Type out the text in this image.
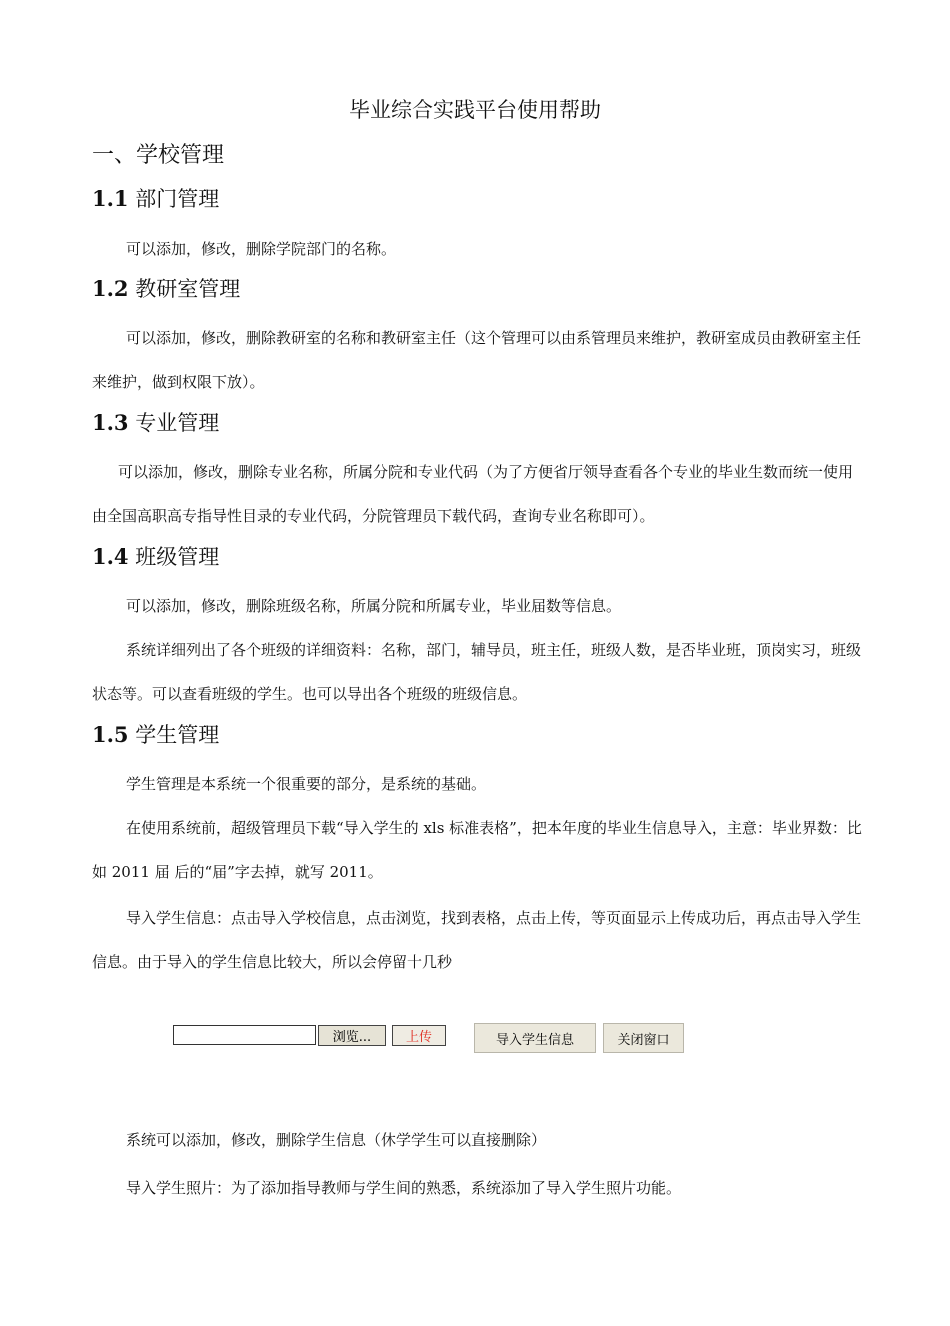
毕业综合实践平台使用帮助
一、学校管理
1.1 部门管理
可以添加，修改，删除学院部门的名称。
1.2 教研室管理
可以添加，修改，删除教研室的名称和教研室主任（这个管理可以由系管理员来维护，教研室成员由教研室主任来维护，做到权限下放）。
1.3 专业管理
可以添加，修改，删除专业名称，所属分院和专业代码（为了方便省厅领导查看各个专业的毕业生数而统一使用由全国高职高专指导性目录的专业代码，分院管理员下载代码，查询专业名称即可）。
1.4 班级管理
可以添加，修改，删除班级名称，所属分院和所属专业，毕业届数等信息。
系统详细列出了各个班级的详细资料：名称，部门，辅导员，班主任，班级人数，是否毕业班，顶岗实习，班级状态等。可以查看班级的学生。也可以导出各个班级的班级信息。
1.5 学生管理
学生管理是本系统一个很重要的部分，是系统的基础。
在使用系统前，超级管理员下载“导入学生的 xls 标准表格”，把本年度的毕业生信息导入，主意：毕业界数：比如 2011 届 后的“届”字去掉，就写 2011。
导入学生信息：点击导入学校信息，点击浏览，找到表格，点击上传，等页面显示上传成功后，再点击导入学生信息。由于导入的学生信息比较大，所以会停留十几秒
浏览...	上传	导入学生信息	关闭窗口
系统可以添加，修改，删除学生信息（休学学生可以直接删除）
导入学生照片：为了添加指导教师与学生间的熟悉，系统添加了导入学生照片功能。
